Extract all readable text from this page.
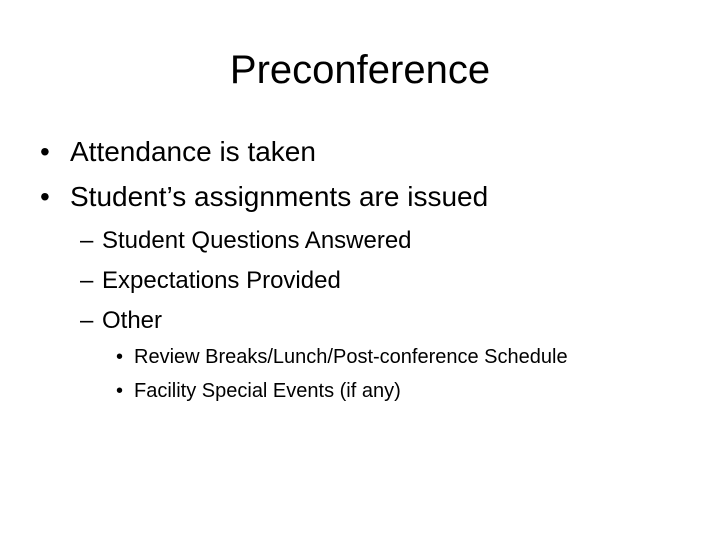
Preconference
• Attendance is taken
• Student’s assignments are issued
– Student Questions Answered
– Expectations Provided
– Other
• Review Breaks/Lunch/Post-conference Schedule
• Facility Special Events (if any)
